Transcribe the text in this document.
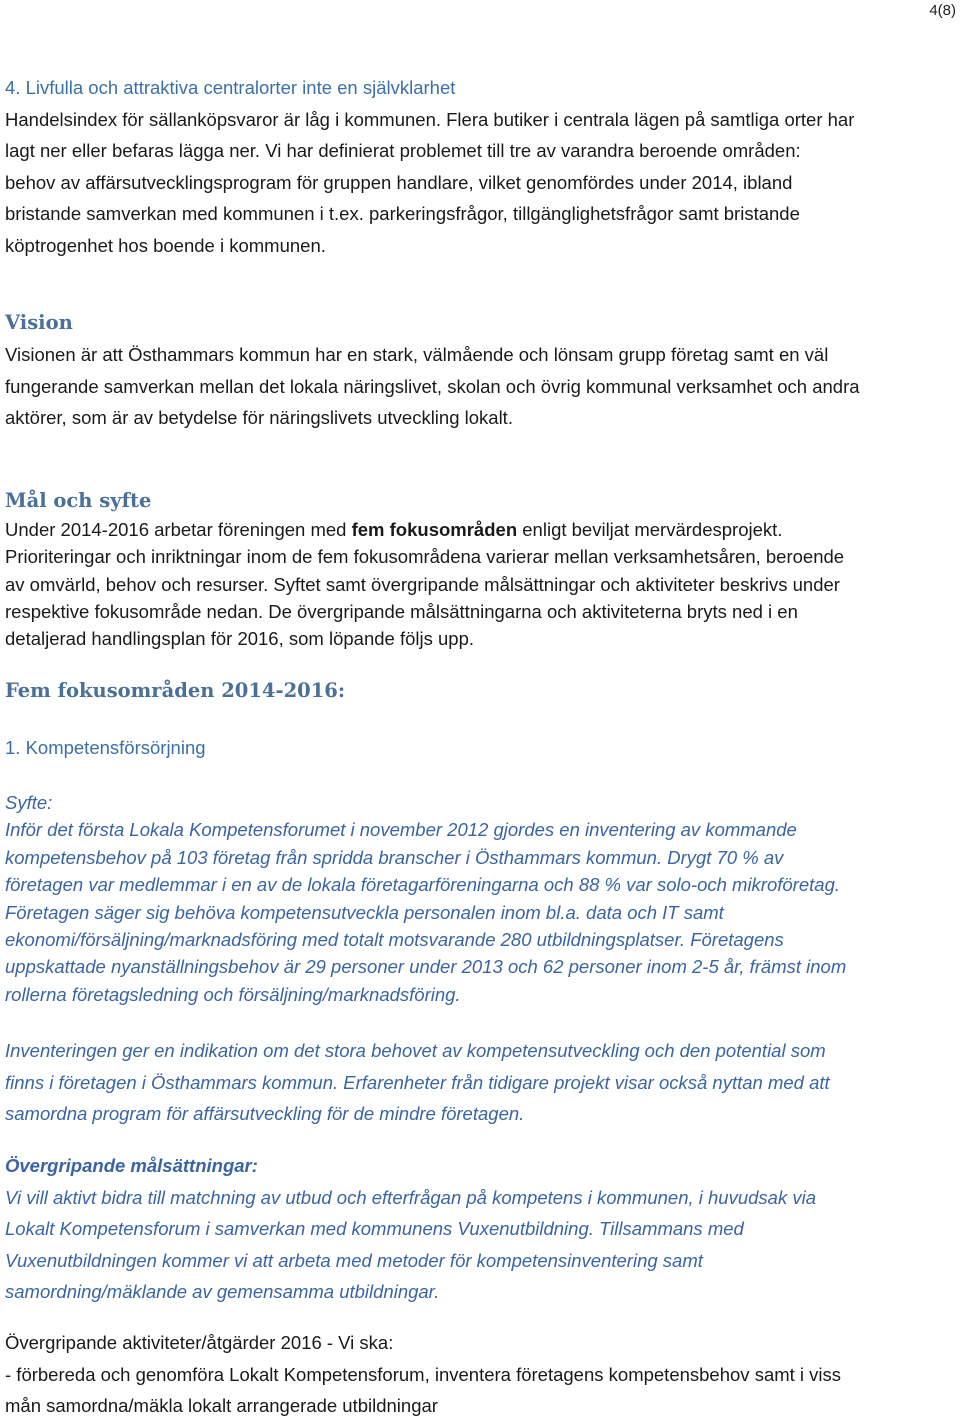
4(8)
4. Livfulla och attraktiva centralorter inte en självklarhet
Handelsindex för sällanköpsvaror är låg i kommunen. Flera butiker i centrala lägen på samtliga orter har
lagt ner eller befaras lägga ner. Vi har definierat problemet till tre av varandra beroende områden:
behov av affärsutvecklingsprogram för gruppen handlare, vilket genomfördes under 2014, ibland
bristande samverkan med kommunen i t.ex. parkeringsfrågor, tillgänglighetsfrågor samt bristande
köptrogenhet hos boende i kommunen.
Vision
Visionen är att Östhammars kommun har en stark, välmående och lönsam grupp företag samt en väl
fungerande samverkan mellan det lokala näringslivet, skolan och övrig kommunal verksamhet och andra
aktörer, som är av betydelse för näringslivets utveckling lokalt.
Mål och syfte
Under 2014-2016 arbetar föreningen med fem fokusområden enligt beviljat mervärdesprojekt.
Prioriteringar och inriktningar inom de fem fokusområdena varierar mellan verksamhetsåren, beroende
av omvärld, behov och resurser. Syftet samt övergripande målsättningar och aktiviteter beskrivs under
respektive fokusområde nedan. De övergripande målsättningarna och aktiviteterna bryts ned i en
detaljerad handlingsplan för 2016, som löpande följs upp.
Fem fokusområden 2014-2016:
1. Kompetensförsörjning
Syfte:
Inför det första Lokala Kompetensforumet i november 2012 gjordes en inventering av kommande
kompetensbehov på 103 företag från spridda branscher i Östhammars kommun. Drygt 70 % av
företagen var medlemmar i en av de lokala företagarföreningarna och 88 % var solo-och mikroföretag.
Företagen säger sig behöva kompetensutveckla personalen inom bl.a. data och IT samt
ekonomi/försäljning/marknadsföring med totalt motsvarande 280 utbildningsplatser. Företagens
uppskattade nyanställningsbehov är 29 personer under 2013 och 62 personer inom 2-5 år, främst inom
rollerna företagsledning och försäljning/marknadsföring.
Inventeringen ger en indikation om det stora behovet av kompetensutveckling och den potential som
finns i företagen i Östhammars kommun. Erfarenheter från tidigare projekt visar också nyttan med att
samordna program för affärsutveckling för de mindre företagen.
Övergripande målsättningar:
Vi vill aktivt bidra till matchning av utbud och efterfrågan på kompetens i kommunen, i huvudsak via
Lokalt Kompetensforum i samverkan med kommunens Vuxenutbildning. Tillsammans med
Vuxenutbildningen kommer vi att arbeta med metoder för kompetensinventering samt
samordning/mäklande av gemensamma utbildningar.
Övergripande aktiviteter/åtgärder 2016 - Vi ska:
- förbereda och genomföra Lokalt Kompetensforum, inventera företagens kompetensbehov samt i viss
mån samordna/mäkla lokalt arrangerade utbildningar
